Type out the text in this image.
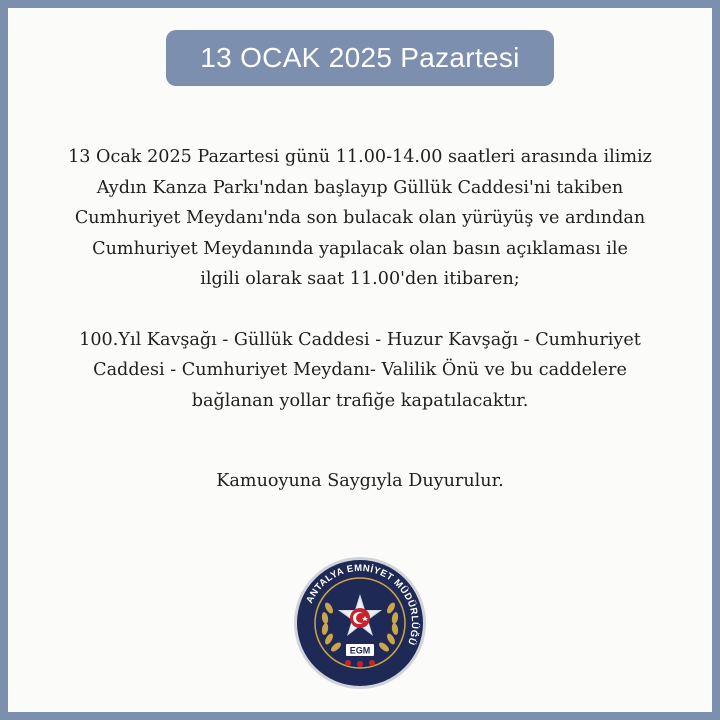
13 OCAK 2025 Pazartesi

13 Ocak 2025 Pazartesi günü 11.00-14.00 saatleri arasında ilimiz
Aydın Kanza Parkı'ndan başlayıp Güllük Caddesi'ni takiben
Cumhuriyet Meydanı'nda son bulacak olan yürüyüş ve ardından
Cumhuriyet Meydanında yapılacak olan basın açıklaması ile
ilgili olarak saat 11.00'den itibaren;

100.Yıl Kavşağı - Güllük Caddesi - Huzur Kavşağı - Cumhuriyet
Caddesi - Cumhuriyet Meydanı- Valilik Önü ve bu caddelere
bağlanan yollar trafiğe kapatılacaktır.

Kamuoyuna Saygıyla Duyurulur.
ANTALYA EMNİYET MÜDÜRLÜĞÜ
EGM
